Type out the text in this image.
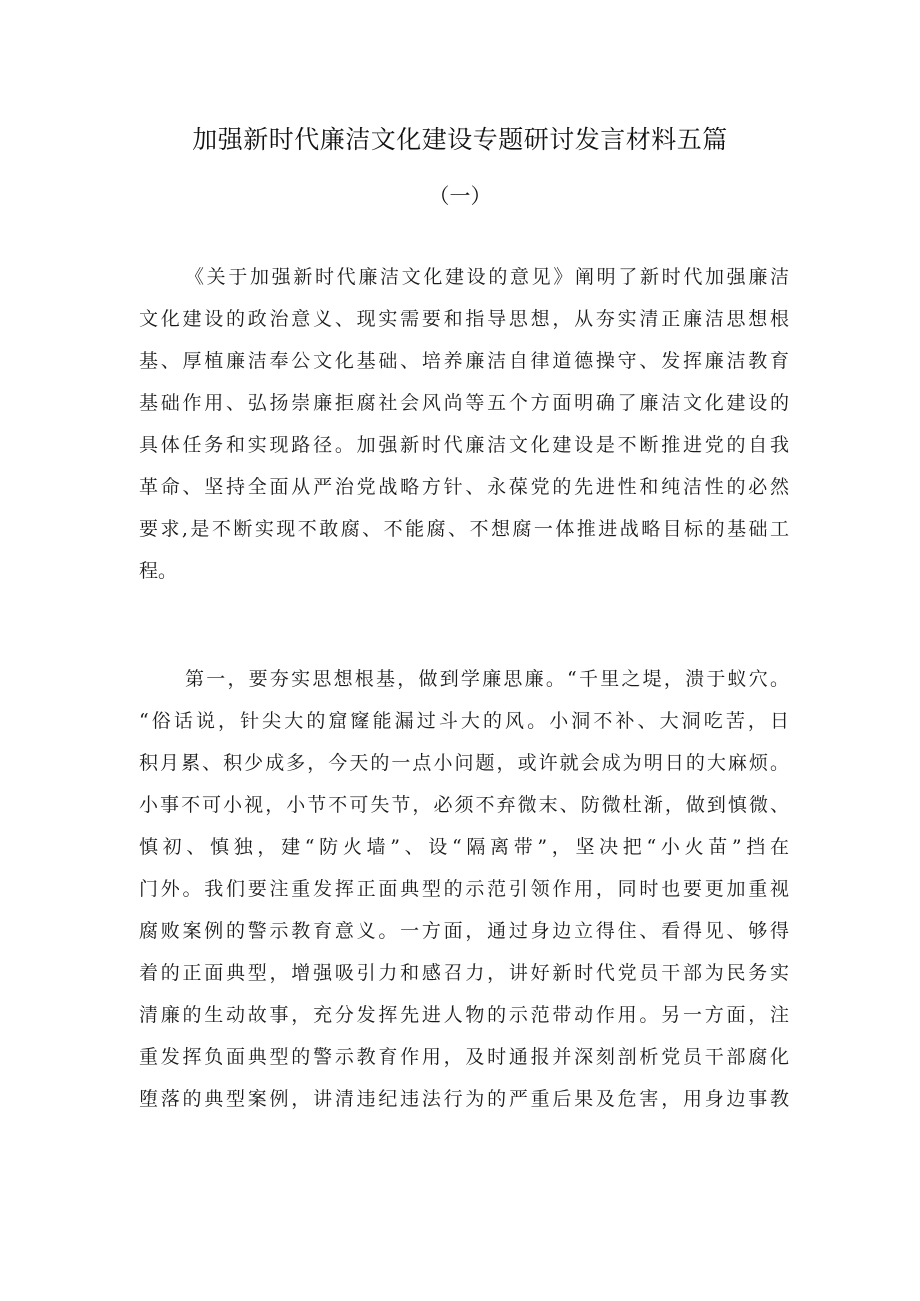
加强新时代廉洁文化建设专题研讨发言材料五篇
（一）
《关于加强新时代廉洁文化建设的意见》阐明了新时代加强廉洁
文化建设的政治意义、现实需要和指导思想，从夯实清正廉洁思想根
基、厚植廉洁奉公文化基础、培养廉洁自律道德操守、发挥廉洁教育
基础作用、弘扬崇廉拒腐社会风尚等五个方面明确了廉洁文化建设的
具体任务和实现路径。加强新时代廉洁文化建设是不断推进党的自我
革命、坚持全面从严治党战略方针、永葆党的先进性和纯洁性的必然
要求,是不断实现不敢腐、不能腐、不想腐一体推进战略目标的基础工
程。
第一，要夯实思想根基，做到学廉思廉。“千里之堤，溃于蚁穴。
“俗话说，针尖大的窟窿能漏过斗大的风。小洞不补、大洞吃苦，日
积月累、积少成多，今天的一点小问题，或许就会成为明日的大麻烦。
小事不可小视，小节不可失节，必须不弃微末、防微杜渐，做到慎微、
慎初、慎独，建“防火墙”、设“隔离带”，坚决把“小火苗”挡在
门外。我们要注重发挥正面典型的示范引领作用，同时也要更加重视
腐败案例的警示教育意义。一方面，通过身边立得住、看得见、够得
着的正面典型，增强吸引力和感召力，讲好新时代党员干部为民务实
清廉的生动故事，充分发挥先进人物的示范带动作用。另一方面，注
重发挥负面典型的警示教育作用，及时通报并深刻剖析党员干部腐化
堕落的典型案例，讲清违纪违法行为的严重后果及危害，用身边事教
